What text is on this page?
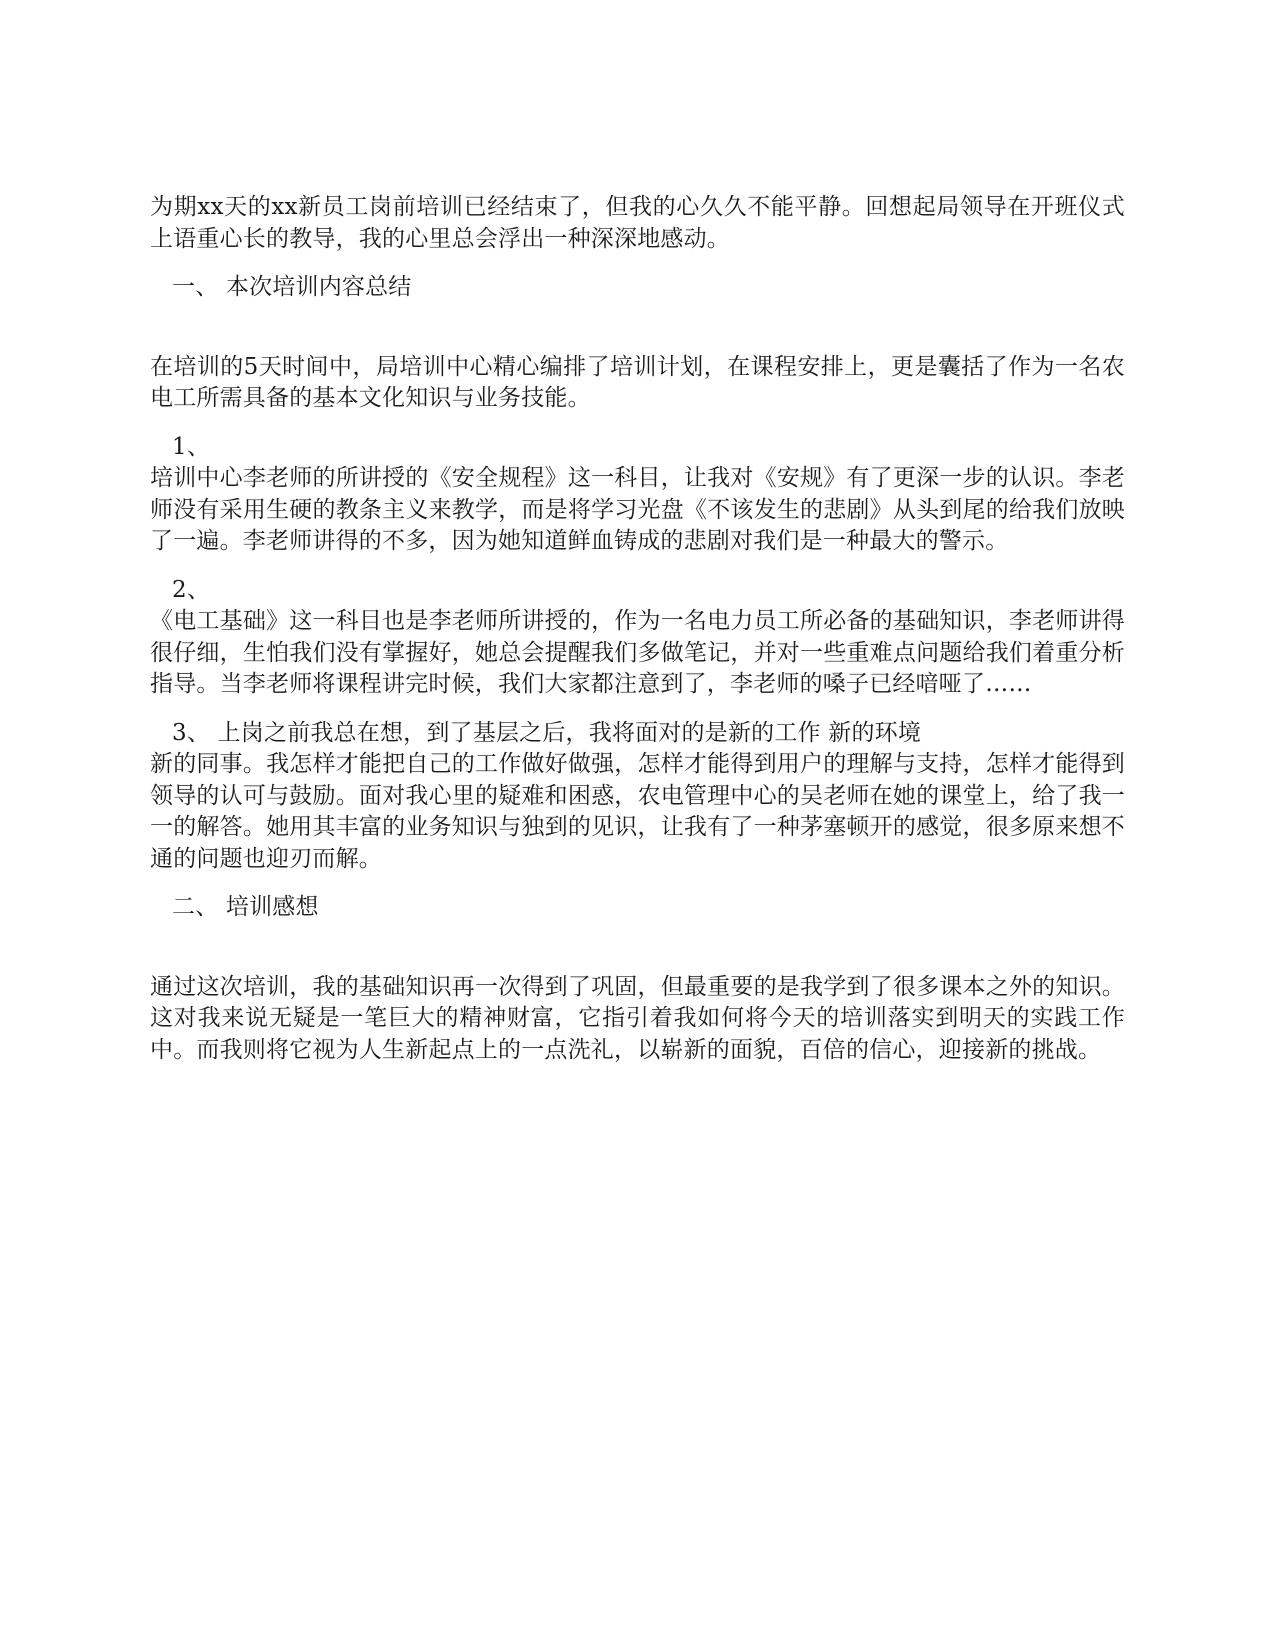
为期xx天的xx新员工岗前培训已经结束了，但我的心久久不能平静。回想起局领导在开班仪式上语重心长的教导，我的心里总会浮出一种深深地感动。

一、 本次培训内容总结

在培训的5天时间中，局培训中心精心编排了培训计划，在课程安排上，更是囊括了作为一名农电工所需具备的基本文化知识与业务技能。

1、

培训中心李老师的所讲授的《安全规程》这一科目，让我对《安规》有了更深一步的认识。李老师没有采用生硬的教条主义来教学，而是将学习光盘《不该发生的悲剧》从头到尾的给我们放映了一遍。李老师讲得的不多，因为她知道鲜血铸成的悲剧对我们是一种最大的警示。

2、

《电工基础》这一科目也是李老师所讲授的，作为一名电力员工所必备的基础知识，李老师讲得很仔细，生怕我们没有掌握好，她总会提醒我们多做笔记，并对一些重难点问题给我们着重分析指导。当李老师将课程讲完时候，我们大家都注意到了，李老师的嗓子已经喑哑了……

3、 上岗之前我总在想，到了基层之后，我将面对的是新的工作 新的环境

新的同事。我怎样才能把自己的工作做好做强，怎样才能得到用户的理解与支持，怎样才能得到领导的认可与鼓励。面对我心里的疑难和困惑，农电管理中心的吴老师在她的课堂上，给了我一一的解答。她用其丰富的业务知识与独到的见识，让我有了一种茅塞顿开的感觉，很多原来想不通的问题也迎刃而解。

二、 培训感想

通过这次培训，我的基础知识再一次得到了巩固，但最重要的是我学到了很多课本之外的知识。这对我来说无疑是一笔巨大的精神财富，它指引着我如何将今天的培训落实到明天的实践工作中。而我则将它视为人生新起点上的一点洗礼，以崭新的面貌，百倍的信心，迎接新的挑战。
